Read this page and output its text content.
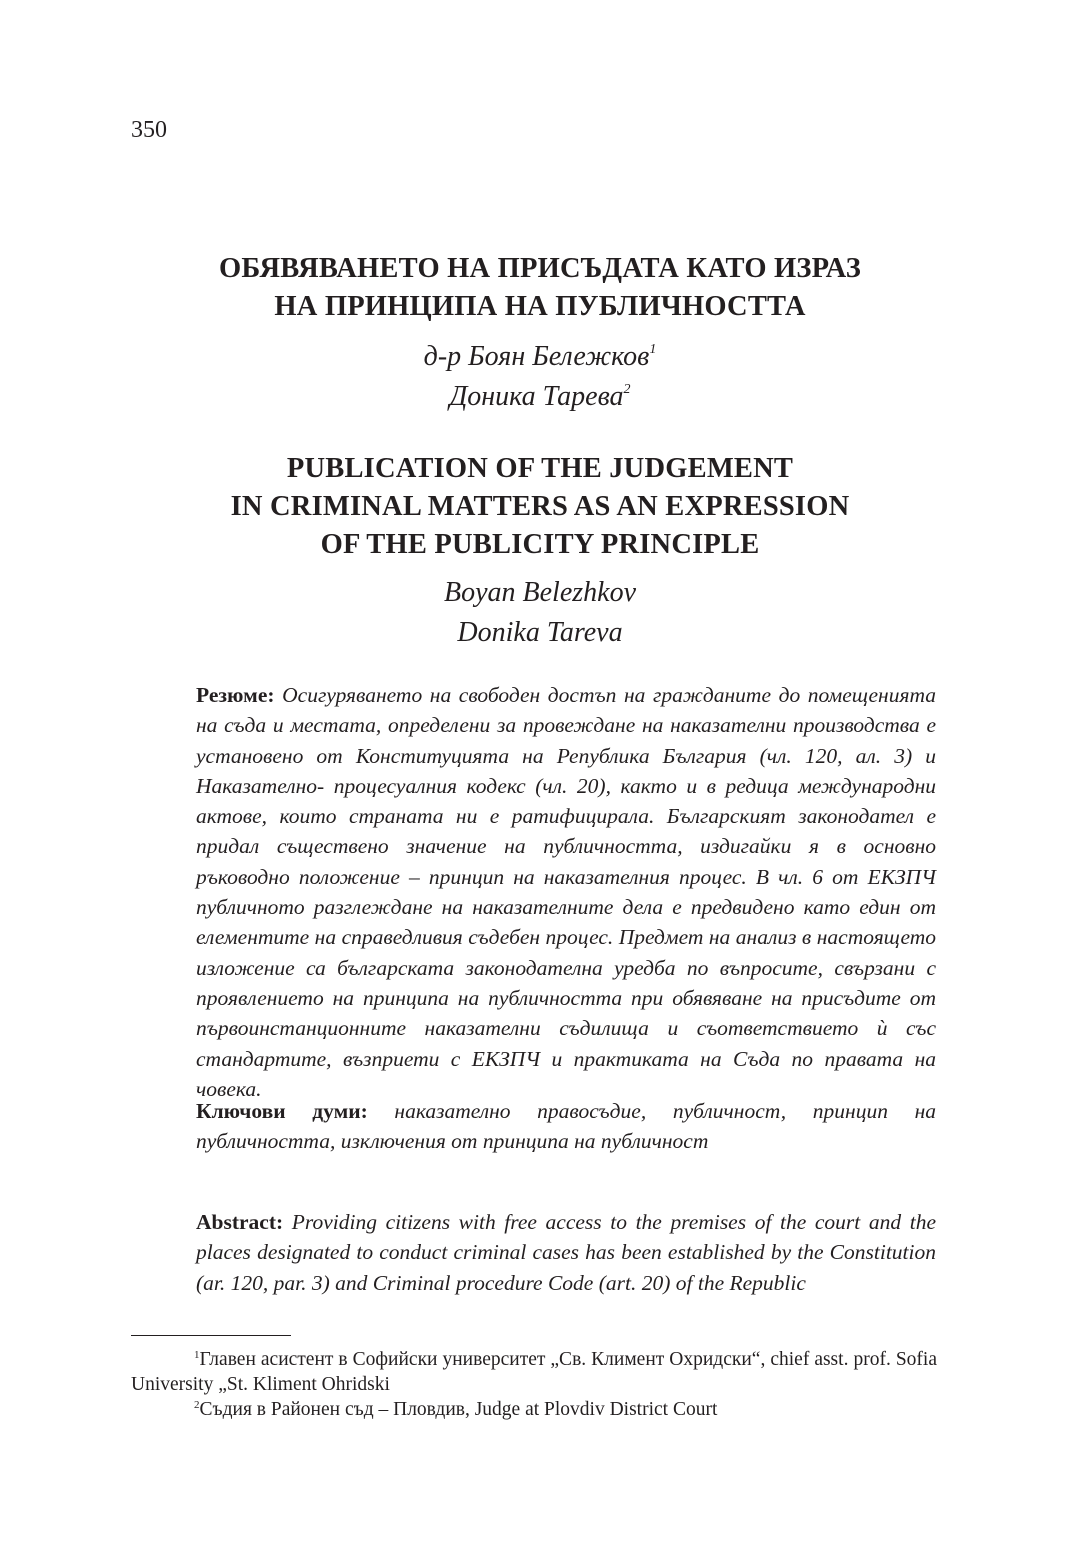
350
ОБЯВЯВАНЕТО НА ПРИСЪДАТА КАТО ИЗРАЗ
НА ПРИНЦИПА НА ПУБЛИЧНОСТТА
д-р Боян Бележков$^1$
Доника Тарева$^2$
PUBLICATION OF THE JUDGEMENT
IN CRIMINAL MATTERS AS AN EXPRESSION
OF THE PUBLICITY PRINCIPLE
Boyan Belezhkov
Donika Tareva
Резюме: Осигуряването на свободен достъп на гражданите до помещенията на съда и местата, определени за провеждане на наказателни производства е установено от Конституцията на Република България (чл. 120, ал. 3) и Наказателно- процесуалния кодекс (чл. 20), както и в редица международни актове, които страната ни е ратифицирала. Българският законодател е придал съществено значение на публичността, издигайки я в основно ръководно положение – принцип на наказателния процес. В чл. 6 от ЕКЗПЧ публичното разглеждане на наказателните дела е предвидено като един от елементите на справедливия съдебен процес. Предмет на анализ в настоящето изложение са българската законодателна уредба по въпросите, свързани с проявлението на принципа на публичността при обявяване на присъдите от първоинстанционните наказателни съдилища и съответствието ѝ със стандартите, възприети с ЕКЗПЧ и практиката на Съда по правата на човека.
Ключови думи: наказателно правосъдие, публичност, принцип на публичността, изключения от принципа на публичност
Abstract: Providing citizens with free access to the premises of the court and the places designated to conduct criminal cases has been established by the Constitution (ar. 120, par. 3) and Criminal procedure Code (art. 20) of the Republic

$^1$Главен асистент в Софийски университет „Св. Климент Охридски“, chief asst. prof. Sofia University „St. Kliment Ohridski

$^2$Съдия в Районен съд – Пловдив, Judge at Plovdiv District Court
